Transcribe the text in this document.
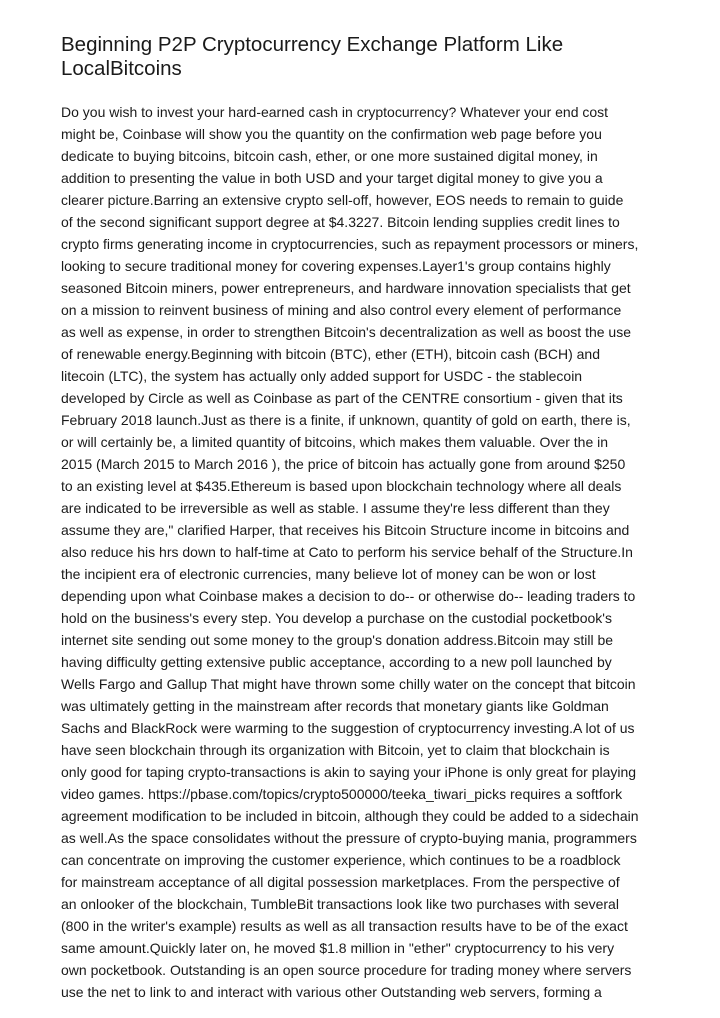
Beginning P2P Cryptocurrency Exchange Platform Like
LocalBitcoins

Do you wish to invest your hard-earned cash in cryptocurrency? Whatever your end cost
might be, Coinbase will show you the quantity on the confirmation web page before you
dedicate to buying bitcoins, bitcoin cash, ether, or one more sustained digital money, in
addition to presenting the value in both USD and your target digital money to give you a
clearer picture.Barring an extensive crypto sell-off, however, EOS needs to remain to guide
of the second significant support degree at $4.3227. Bitcoin lending supplies credit lines to
crypto firms generating income in cryptocurrencies, such as repayment processors or miners,
looking to secure traditional money for covering expenses.Layer1's group contains highly
seasoned Bitcoin miners, power entrepreneurs, and hardware innovation specialists that get
on a mission to reinvent business of mining and also control every element of performance
as well as expense, in order to strengthen Bitcoin's decentralization as well as boost the use
of renewable energy.Beginning with bitcoin (BTC), ether (ETH), bitcoin cash (BCH) and
litecoin (LTC), the system has actually only added support for USDC - the stablecoin
developed by Circle as well as Coinbase as part of the CENTRE consortium - given that its
February 2018 launch.Just as there is a finite, if unknown, quantity of gold on earth, there is,
or will certainly be, a limited quantity of bitcoins, which makes them valuable. Over the in
2015 (March 2015 to March 2016 ), the price of bitcoin has actually gone from around $250
to an existing level at $435.Ethereum is based upon blockchain technology where all deals
are indicated to be irreversible as well as stable. I assume they're less different than they
assume they are," clarified Harper, that receives his Bitcoin Structure income in bitcoins and
also reduce his hrs down to half-time at Cato to perform his service behalf of the Structure.In
the incipient era of electronic currencies, many believe lot of money can be won or lost
depending upon what Coinbase makes a decision to do-- or otherwise do-- leading traders to
hold on the business's every step. You develop a purchase on the custodial pocketbook's
internet site sending out some money to the group's donation address.Bitcoin may still be
having difficulty getting extensive public acceptance, according to a new poll launched by
Wells Fargo and Gallup That might have thrown some chilly water on the concept that bitcoin
was ultimately getting in the mainstream after records that monetary giants like Goldman
Sachs and BlackRock were warming to the suggestion of cryptocurrency investing.A lot of us
have seen blockchain through its organization with Bitcoin, yet to claim that blockchain is
only good for taping crypto-transactions is akin to saying your iPhone is only great for playing
video games. https://pbase.com/topics/crypto500000/teeka_tiwari_picks requires a softfork
agreement modification to be included in bitcoin, although they could be added to a sidechain
as well.As the space consolidates without the pressure of crypto-buying mania, programmers
can concentrate on improving the customer experience, which continues to be a roadblock
for mainstream acceptance of all digital possession marketplaces. From the perspective of
an onlooker of the blockchain, TumbleBit transactions look like two purchases with several
(800 in the writer's example) results as well as all transaction results have to be of the exact
same amount.Quickly later on, he moved $1.8 million in "ether" cryptocurrency to his very
own pocketbook. Outstanding is an open source procedure for trading money where servers
use the net to link to and interact with various other Outstanding web servers, forming a
